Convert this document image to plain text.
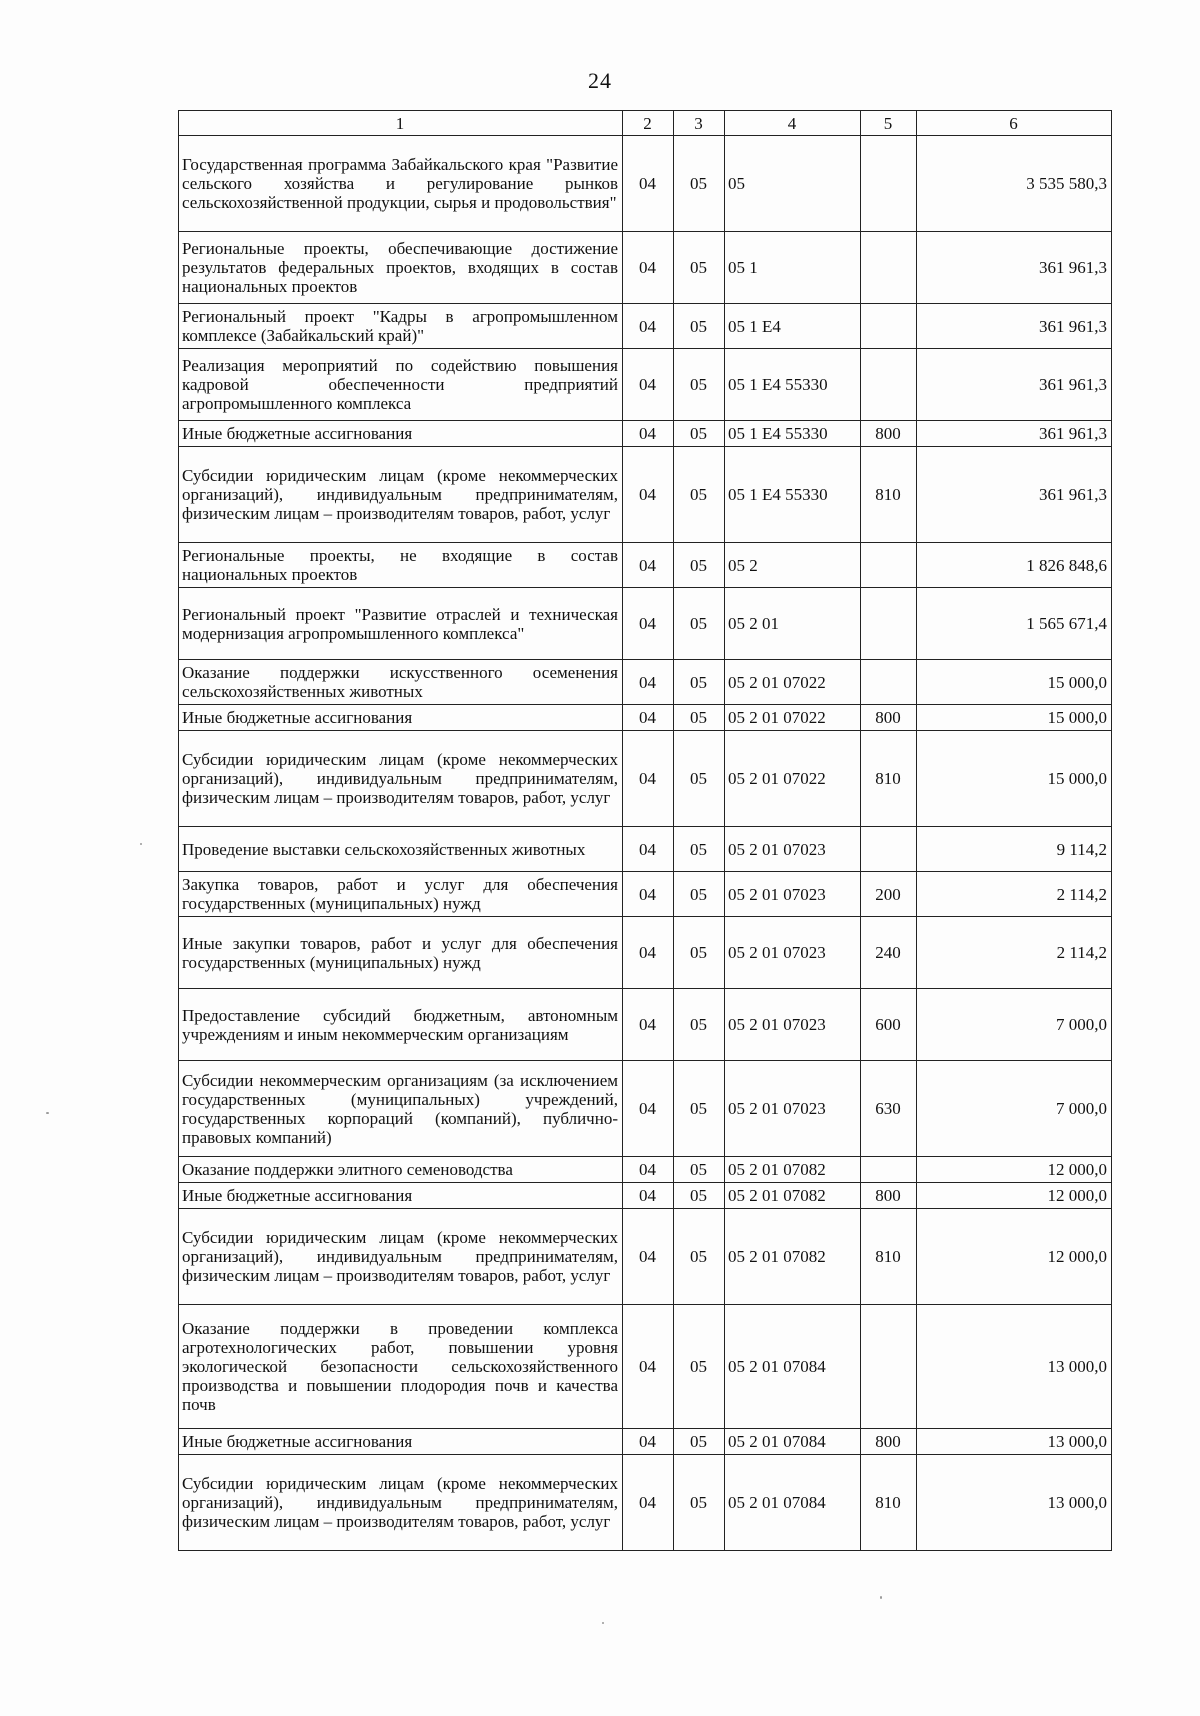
24
1	2	3	4	5	6
Государственная программа Забайкальского края "Развитие сельского хозяйства и регулирование рынков сельскохозяйственной продукции, сырья и продовольствия"	04	05	05		3 535 580,3
Региональные проекты, обеспечивающие достижение результатов федеральных проектов, входящих в состав национальных проектов	04	05	05 1		361 961,3
Региональный проект "Кадры в агропромышленном комплексе (Забайкальский край)"	04	05	05 1 Е4		361 961,3
Реализация мероприятий по содействию повышения кадровой обеспеченности предприятий агропромышленного комплекса	04	05	05 1 Е4 55330		361 961,3
Иные бюджетные ассигнования	04	05	05 1 Е4 55330	800	361 961,3
Субсидии юридическим лицам (кроме некоммерческих организаций), индивидуальным предпринимателям, физическим лицам – производителям товаров, работ, услуг	04	05	05 1 Е4 55330	810	361 961,3
Региональные проекты, не входящие в состав национальных проектов	04	05	05 2		1 826 848,6
Региональный проект "Развитие отраслей и техническая модернизация агропромышленного комплекса"	04	05	05 2 01		1 565 671,4
Оказание поддержки искусственного осеменения сельскохозяйственных животных	04	05	05 2 01 07022		15 000,0
Иные бюджетные ассигнования	04	05	05 2 01 07022	800	15 000,0
Субсидии юридическим лицам (кроме некоммерческих организаций), индивидуальным предпринимателям, физическим лицам – производителям товаров, работ, услуг	04	05	05 2 01 07022	810	15 000,0
Проведение выставки сельскохозяйственных животных	04	05	05 2 01 07023		9 114,2
Закупка товаров, работ и услуг для обеспечения государственных (муниципальных) нужд	04	05	05 2 01 07023	200	2 114,2
Иные закупки товаров, работ и услуг для обеспечения государственных (муниципальных) нужд	04	05	05 2 01 07023	240	2 114,2
Предоставление субсидий бюджетным, автономным учреждениям и иным некоммерческим организациям	04	05	05 2 01 07023	600	7 000,0
Субсидии некоммерческим организациям (за исключением государственных (муниципальных) учреждений, государственных корпораций (компаний), публично-правовых компаний)	04	05	05 2 01 07023	630	7 000,0
Оказание поддержки элитного семеноводства	04	05	05 2 01 07082		12 000,0
Иные бюджетные ассигнования	04	05	05 2 01 07082	800	12 000,0
Субсидии юридическим лицам (кроме некоммерческих организаций), индивидуальным предпринимателям, физическим лицам – производителям товаров, работ, услуг	04	05	05 2 01 07082	810	12 000,0
Оказание поддержки в проведении комплекса агротехнологических работ, повышении уровня экологической безопасности сельскохозяйственного производства и повышении плодородия почв и качества почв	04	05	05 2 01 07084		13 000,0
Иные бюджетные ассигнования	04	05	05 2 01 07084	800	13 000,0
Субсидии юридическим лицам (кроме некоммерческих организаций), индивидуальным предпринимателям, физическим лицам – производителям товаров, работ, услуг	04	05	05 2 01 07084	810	13 000,0
